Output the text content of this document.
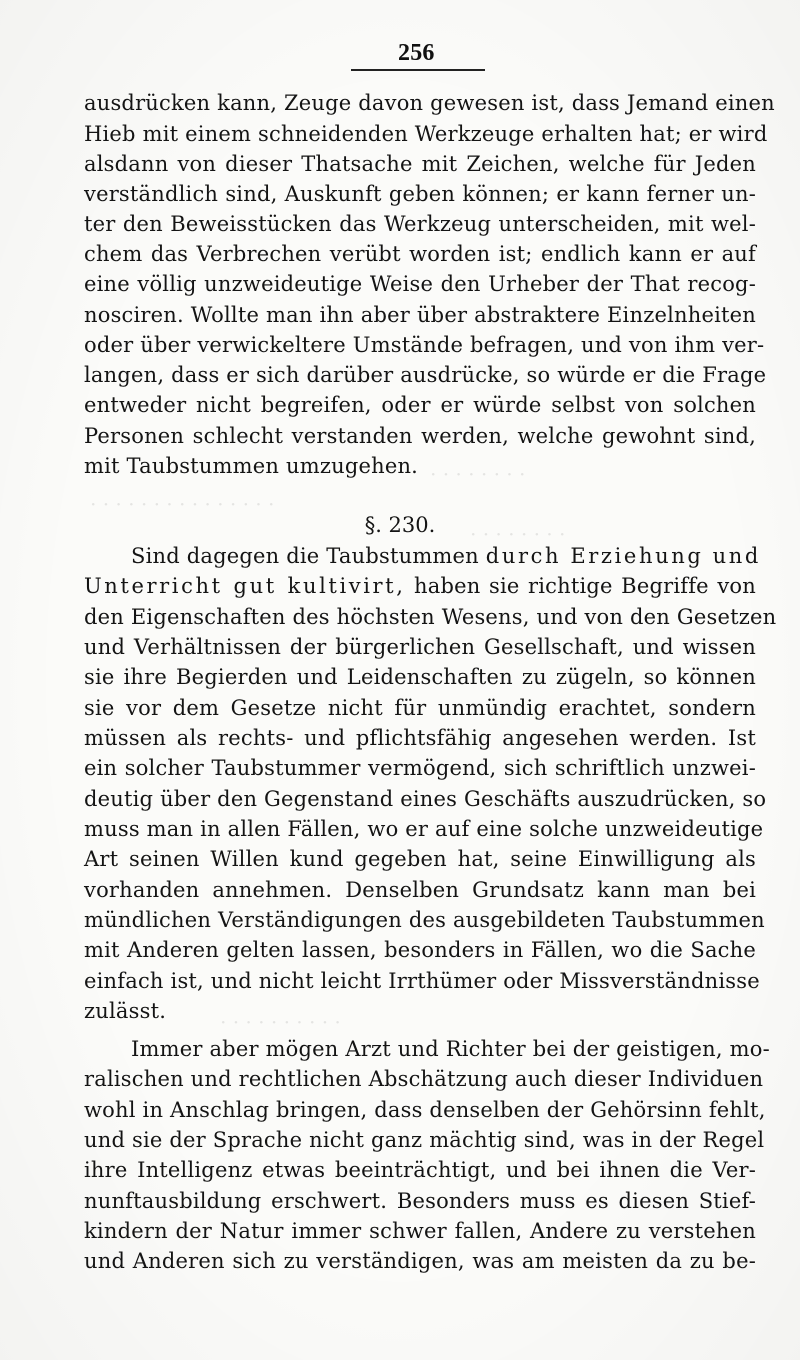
· · · · · · · ·
· · · · · · · · · · · · · · ·
· · · · · · · ·
· · · · · · · · · ·
256
ausdrücken kann, Zeuge davon gewesen ist, dass Jemand einen
Hieb mit einem schneidenden Werkzeuge erhalten hat; er wird
alsdann von dieser Thatsache mit Zeichen, welche für Jeden
verständlich sind, Auskunft geben können; er kann ferner un-
ter den Beweisstücken das Werkzeug unterscheiden, mit wel-
chem das Verbrechen verübt worden ist; endlich kann er auf
eine völlig unzweideutige Weise den Urheber der That recog-
nosciren. Wollte man ihn aber über abstraktere Einzelnheiten
oder über verwickeltere Umstände befragen, und von ihm ver-
langen, dass er sich darüber ausdrücke, so würde er die Frage
entweder nicht begreifen, oder er würde selbst von solchen
Personen schlecht verstanden werden, welche gewohnt sind,
mit Taubstummen umzugehen.
§. 230.
Sind dagegen die Taubstummen durch Erziehung und
Unterricht gut kultivirt, haben sie richtige Begriffe von
den Eigenschaften des höchsten Wesens, und von den Gesetzen
und Verhältnissen der bürgerlichen Gesellschaft, und wissen
sie ihre Begierden und Leidenschaften zu zügeln, so können
sie vor dem Gesetze nicht für unmündig erachtet, sondern
müssen als rechts- und pflichtsfähig angesehen werden. Ist
ein solcher Taubstummer vermögend, sich schriftlich unzwei-
deutig über den Gegenstand eines Geschäfts auszudrücken, so
muss man in allen Fällen, wo er auf eine solche unzweideutige
Art seinen Willen kund gegeben hat, seine Einwilligung als
vorhanden annehmen. Denselben Grundsatz kann man bei
mündlichen Verständigungen des ausgebildeten Taubstummen
mit Anderen gelten lassen, besonders in Fällen, wo die Sache
einfach ist, und nicht leicht Irrthümer oder Missverständnisse
zulässt.
Immer aber mögen Arzt und Richter bei der geistigen, mo-
ralischen und rechtlichen Abschätzung auch dieser Individuen
wohl in Anschlag bringen, dass denselben der Gehörsinn fehlt,
und sie der Sprache nicht ganz mächtig sind, was in der Regel
ihre Intelligenz etwas beeinträchtigt, und bei ihnen die Ver-
nunftausbildung erschwert. Besonders muss es diesen Stief-
kindern der Natur immer schwer fallen, Andere zu verstehen
und Anderen sich zu verständigen, was am meisten da zu be-
